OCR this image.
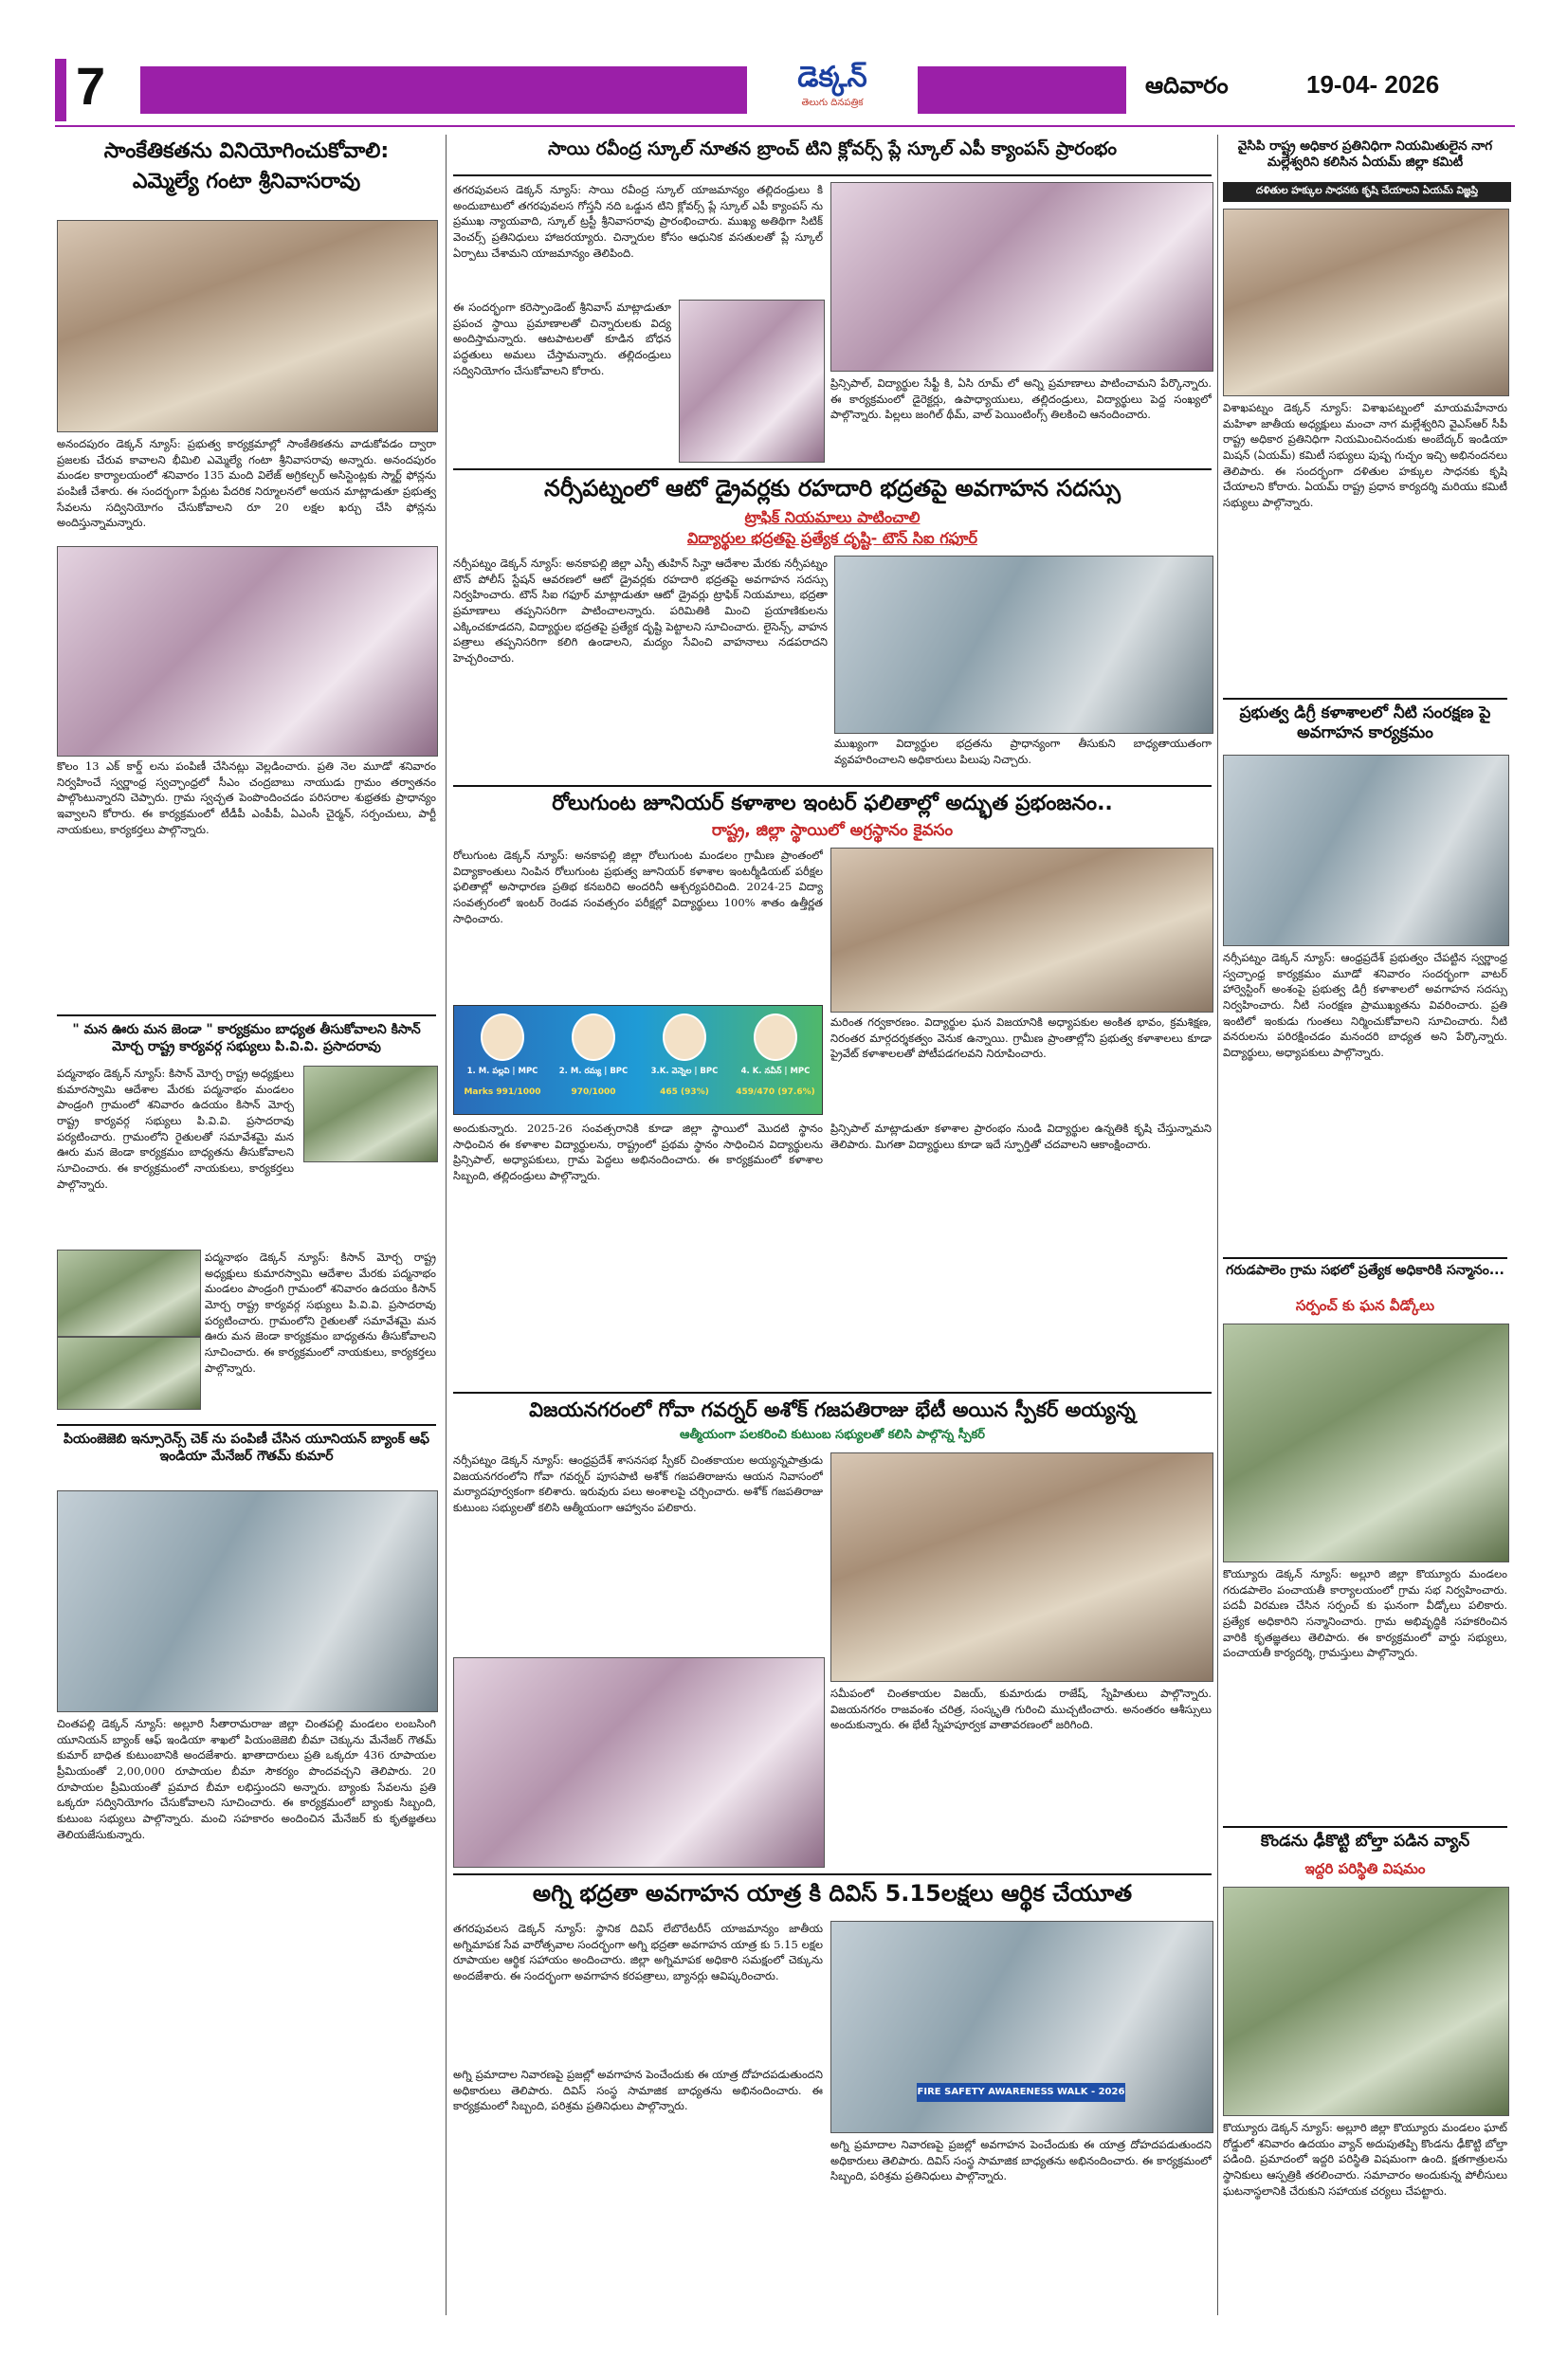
7	డెక్కన్
తెలుగు దినపత్రిక
ఆదివారం	19-04- 2026
సాంకేతికతను వినియోగించుకోవాలి:
ఎమ్మెల్యే గంటా శ్రీనివాసరావు
అనందపురం డెక్కన్ న్యూస్: ప్రభుత్వ కార్యక్రమాల్లో సాంకేతికతను వాడుకోవడం ద్వారా ప్రజలకు చేరువ కావాలని భీమిలి ఎమ్మెల్యే గంటా శ్రీనివాసరావు అన్నారు. అనందపురం మండల కార్యాలయంలో శనివారం 135 మంది విలేజ్ అగ్రికల్చర్ అసిస్టెంట్లకు స్మార్ట్ ఫోన్లను పంపిణీ చేశారు. ఈ సందర్భంగా పేర్లుట పేదరిక నిర్మూలనలో అయన మాట్లాడుతూ ప్రభుత్వ సేవలను సద్వినియోగం చేసుకోవాలని రూ 20 లక్షల ఖర్చు చేసి ఫోన్లను అందిస్తున్నామన్నారు.
కొలం 13 ఎక్ కార్డ్ లను పంపిణీ చేసినట్లు వెల్లడించారు. ప్రతి నెల మూడో శనివారం నిర్వహించే స్వర్ణాంధ్ర స్వచ్ఛాంధ్రలో సీఎం చంద్రబాబు నాయుడు గ్రామం తర్వాతనం పాల్గొంటున్నారని చెప్పారు. గ్రామ స్వచ్ఛత పెంపొందించడం పరిసరాల శుభ్రతకు ప్రాధాన్యం ఇవ్వాలని కోరారు. ఈ కార్యక్రమంలో టీడీపీ ఎంపీపీ, ఏఎంసీ చైర్మన్, సర్పంచులు, పార్టీ నాయకులు, కార్యకర్తలు పాల్గొన్నారు.
" మన ఊరు మన జెండా " కార్యక్రమం బాధ్యత తీసుకోవాలని కిసాన్ మోర్చ రాష్ట్ర కార్యవర్గ సభ్యులు పి.వి.వి. ప్రసాదరావు
పద్మనాభం డెక్కన్ న్యూస్: కిసాన్ మోర్చ రాష్ట్ర అధ్యక్షులు కుమారస్వామి ఆదేశాల మేరకు పద్మనాభం మండలం పాండ్రంగి గ్రామంలో శనివారం ఉదయం కిసాన్ మోర్చ రాష్ట్ర కార్యవర్గ సభ్యులు పి.వి.వి. ప్రసాదరావు పర్యటించారు. గ్రామంలోని రైతులతో సమావేశమై మన ఊరు మన జెండా కార్యక్రమం బాధ్యతను తీసుకోవాలని సూచించారు. ఈ కార్యక్రమంలో నాయకులు, కార్యకర్తలు పాల్గొన్నారు.
పద్మనాభం డెక్కన్ న్యూస్: కిసాన్ మోర్చ రాష్ట్ర అధ్యక్షులు కుమారస్వామి ఆదేశాల మేరకు పద్మనాభం మండలం పాండ్రంగి గ్రామంలో శనివారం ఉదయం కిసాన్ మోర్చ రాష్ట్ర కార్యవర్గ సభ్యులు పి.వి.వి. ప్రసాదరావు పర్యటించారు. గ్రామంలోని రైతులతో సమావేశమై మన ఊరు మన జెండా కార్యక్రమం బాధ్యతను తీసుకోవాలని సూచించారు. ఈ కార్యక్రమంలో నాయకులు, కార్యకర్తలు పాల్గొన్నారు.
పియంజెజెబి ఇన్సూరెన్స్ చెక్ ను పంపిణీ చేసిన యూనియన్ బ్యాంక్ ఆఫ్ ఇండియా మేనేజర్ గౌతమ్ కుమార్
చింతపల్లి డెక్కన్ న్యూస్: అల్లూరి సీతారామరాజు జిల్లా చింతపల్లి మండలం లంబసింగి యూనియన్ బ్యాంక్ ఆఫ్ ఇండియా శాఖలో పియంజెజెబి బీమా చెక్కును మేనేజర్ గౌతమ్ కుమార్ బాధిత కుటుంబానికి అందజేశారు. ఖాతాదారులు ప్రతి ఒక్కరూ 436 రూపాయల ప్రీమియంతో 2,00,000 రూపాయల బీమా సౌకర్యం పొందవచ్చని తెలిపారు. 20 రూపాయల ప్రీమియంతో ప్రమాద బీమా లభిస్తుందని అన్నారు. బ్యాంకు సేవలను ప్రతి ఒక్కరూ సద్వినియోగం చేసుకోవాలని సూచించారు. ఈ కార్యక్రమంలో బ్యాంకు సిబ్బంది, కుటుంబ సభ్యులు పాల్గొన్నారు. మంచి సహకారం అందించిన మేనేజర్ కు కృతజ్ఞతలు తెలియజేసుకున్నారు.
సాయి రవీంద్ర స్కూల్ నూతన బ్రాంచ్ టిని క్లోవర్స్ ప్లే స్కూల్ ఎపీ క్యాంపస్ ప్రారంభం
తగరపువలస డెక్కన్ న్యూస్: సాయి రవీంద్ర స్కూల్ యాజమాన్యం తల్లిదండ్రులు కి అందుబాటులో తగరపువలస గోస్తనీ నది ఒడ్డున టిని క్లోవర్స్ ప్లే స్కూల్ ఎపీ క్యాంపస్ ను ప్రముఖ న్యాయవాది, స్కూల్ ట్రస్టీ శ్రీనివాసరావు ప్రారంభించారు. ముఖ్య అతిథిగా సిటిక్ వెంచర్స్ ప్రతినిధులు హాజరయ్యారు. చిన్నారుల కోసం ఆధునిక వసతులతో ప్లే స్కూల్ ఏర్పాటు చేశామని యాజమాన్యం తెలిపింది.
ఈ సందర్భంగా కరెస్పాండెంట్ శ్రీనివాస్ మాట్లాడుతూ ప్రపంచ స్థాయి ప్రమాణాలతో చిన్నారులకు విద్య అందిస్తామన్నారు. ఆటపాటలతో కూడిన బోధన పద్ధతులు అమలు చేస్తామన్నారు. తల్లిదండ్రులు సద్వినియోగం చేసుకోవాలని కోరారు.
ప్రిన్సిపాల్, విద్యార్థుల సేఫ్టీ కి, ఏసి రూమ్ లో అన్ని ప్రమాణాలు పాటించామని పేర్కొన్నారు. ఈ కార్యక్రమంలో డైరెక్టర్లు, ఉపాధ్యాయులు, తల్లిదండ్రులు, విద్యార్థులు పెద్ద సంఖ్యలో పాల్గొన్నారు. పిల్లలు జంగిల్ థీమ్, వాల్ పెయింటింగ్స్ తిలకించి ఆనందించారు.
నర్సీపట్నంలో ఆటో డ్రైవర్లకు రహదారి భద్రతపై అవగాహన సదస్సు
ట్రాఫిక్ నియమాలు పాటించాలి
విద్యార్థుల భద్రతపై ప్రత్యేక దృష్టి- టౌన్ సిఐ గఫూర్
నర్సీపట్నం డెక్కన్ న్యూస్: అనకాపల్లి జిల్లా ఎస్పీ తుహిన్ సిన్హా ఆదేశాల మేరకు నర్సీపట్నం టౌన్ పోలీస్ స్టేషన్ ఆవరణలో ఆటో డ్రైవర్లకు రహదారి భద్రతపై అవగాహన సదస్సు నిర్వహించారు. టౌన్ సిఐ గఫూర్ మాట్లాడుతూ ఆటో డ్రైవర్లు ట్రాఫిక్ నియమాలు, భద్రతా ప్రమాణాలు తప్పనిసరిగా పాటించాలన్నారు. పరిమితికి మించి ప్రయాణికులను ఎక్కించకూడదని, విద్యార్థుల భద్రతపై ప్రత్యేక దృష్టి పెట్టాలని సూచించారు. లైసెన్స్, వాహన పత్రాలు తప్పనిసరిగా కలిగి ఉండాలని, మద్యం సేవించి వాహనాలు నడపరాదని హెచ్చరించారు.
ముఖ్యంగా విద్యార్థుల భద్రతను ప్రాధాన్యంగా తీసుకుని బాధ్యతాయుతంగా వ్యవహరించాలని అధికారులు పిలుపు నిచ్చారు.
రోలుగుంట జూనియర్ కళాశాల ఇంటర్ ఫలితాల్లో అద్భుత ప్రభంజనం..
రాష్ట్ర, జిల్లా స్థాయిలో అగ్రస్థానం కైవసం
రోలుగుంట డెక్కన్ న్యూస్: అనకాపల్లి జిల్లా రోలుగుంట మండలం గ్రామీణ ప్రాంతంలో విద్యాకాంతులు నింపిన రోలుగుంట ప్రభుత్వ జూనియర్ కళాశాల ఇంటర్మీడియట్ పరీక్షల ఫలితాల్లో అసాధారణ ప్రతిభ కనబరిచి అందరినీ ఆశ్చర్యపరిచింది. 2024-25 విద్యా సంవత్సరంలో ఇంటర్ రెండవ సంవత్సరం పరీక్షల్లో విద్యార్థులు 100% శాతం ఉత్తీర్ణత సాధించారు.
1. M. పల్లవి | MPC
Marks 991/1000
2. M. రమ్య | BPC
970/1000
3.K. వెన్నెల | BPC
465 (93%)
4. K. నవీన్ | MPC
459/470 (97.6%)
మరింత గర్వకారణం. విద్యార్థుల ఘన విజయానికి అధ్యాపకుల అంకిత భావం, క్రమశిక్షణ, నిరంతర మార్గదర్శకత్వం వెనుక ఉన్నాయి. గ్రామీణ ప్రాంతాల్లోని ప్రభుత్వ కళాశాలలు కూడా ప్రైవేట్ కళాశాలలతో పోటీపడగలవని నిరూపించారు.
అందుకున్నారు. 2025-26 సంవత్సరానికి కూడా జిల్లా స్థాయిలో మొదటి స్థానం సాధించిన ఈ కళాశాల విద్యార్థులను, రాష్ట్రంలో ప్రథమ స్థానం సాధించిన విద్యార్థులను ప్రిన్సిపాల్, అధ్యాపకులు, గ్రామ పెద్దలు అభినందించారు. ఈ కార్యక్రమంలో కళాశాల సిబ్బంది, తల్లిదండ్రులు పాల్గొన్నారు.
ప్రిన్సిపాల్ మాట్లాడుతూ కళాశాల ప్రారంభం నుండి విద్యార్థుల ఉన్నతికి కృషి చేస్తున్నామని తెలిపారు. మిగతా విద్యార్థులు కూడా ఇదే స్ఫూర్తితో చదవాలని ఆకాంక్షించారు.
విజయనగరంలో గోవా గవర్నర్ అశోక్ గజపతిరాజు భేటీ అయిన స్పీకర్ అయ్యన్న
ఆత్మీయంగా పలకరించి కుటుంబ సభ్యులతో కలిసి పాల్గొన్న స్పీకర్
నర్సీపట్నం డెక్కన్ న్యూస్: ఆంధ్రప్రదేశ్ శాసనసభ స్పీకర్ చింతకాయల అయ్యన్నపాత్రుడు విజయనగరంలోని గోవా గవర్నర్ పూసపాటి అశోక్ గజపతిరాజును ఆయన నివాసంలో మర్యాదపూర్వకంగా కలిశారు. ఇరువురు పలు అంశాలపై చర్చించారు. అశోక్ గజపతిరాజు కుటుంబ సభ్యులతో కలిసి ఆత్మీయంగా ఆహ్వానం పలికారు.
సమీపంలో చింతకాయల విజయ్, కుమారుడు రాజేష్, స్నేహితులు పాల్గొన్నారు. విజయనగరం రాజవంశం చరిత్ర, సంస్కృతి గురించి ముచ్చటించారు. అనంతరం ఆశీస్సులు అందుకున్నారు. ఈ భేటీ స్నేహపూర్వక వాతావరణంలో జరిగింది.
అగ్ని భద్రతా అవగాహన యాత్ర కి దివిస్ 5.15లక్షలు ఆర్థిక చేయూత
తగరపువలస డెక్కన్ న్యూస్: స్థానిక దివిస్ లేబొరేటరీస్ యాజమాన్యం జాతీయ అగ్నిమాపక సేవ వారోత్సవాల సందర్భంగా అగ్ని భద్రతా అవగాహన యాత్ర కు 5.15 లక్షల రూపాయల ఆర్థిక సహాయం అందించారు. జిల్లా అగ్నిమాపక అధికారి సమక్షంలో చెక్కును అందజేశారు. ఈ సందర్భంగా అవగాహన కరపత్రాలు, బ్యానర్లు ఆవిష్కరించారు.
FIRE SAFETY AWARENESS WALK - 2026
అగ్ని ప్రమాదాల నివారణపై ప్రజల్లో అవగాహన పెంచేందుకు ఈ యాత్ర దోహదపడుతుందని అధికారులు తెలిపారు. దివిస్ సంస్థ సామాజిక బాధ్యతను అభినందించారు. ఈ కార్యక్రమంలో సిబ్బంది, పరిశ్రమ ప్రతినిధులు పాల్గొన్నారు.
అగ్ని ప్రమాదాల నివారణపై ప్రజల్లో అవగాహన పెంచేందుకు ఈ యాత్ర దోహదపడుతుందని అధికారులు తెలిపారు. దివిస్ సంస్థ సామాజిక బాధ్యతను అభినందించారు. ఈ కార్యక్రమంలో సిబ్బంది, పరిశ్రమ ప్రతినిధులు పాల్గొన్నారు.
వైసిపి రాష్ట్ర అధికార ప్రతినిధిగా నియమితులైన నాగ మల్లేశ్వరిని కలిసిన ఏయమ్ జిల్లా కమిటీ
దళితుల హక్కుల సాధనకు కృషి చేయాలని ఏయమ్ విజ్ఞప్తి
విశాఖపట్నం డెక్కన్ న్యూస్: విశాఖపట్నంలో మాయమహేనారు మహిళా జాతీయ అధ్యక్షులు మంచా నాగ మల్లేశ్వరిని వైఎస్ఆర్ సీపీ రాష్ట్ర అధికార ప్రతినిధిగా నియమించినందుకు అంబేద్కర్ ఇండియా మిషన్ (ఏయమ్) కమిటీ సభ్యులు పుష్ప గుచ్ఛం ఇచ్చి అభినందనలు తెలిపారు. ఈ సందర్భంగా దళితుల హక్కుల సాధనకు కృషి చేయాలని కోరారు. ఏయమ్ రాష్ట్ర ప్రధాన కార్యదర్శి మరియు కమిటీ సభ్యులు పాల్గొన్నారు.
ప్రభుత్వ డిగ్రీ కళాశాలలో నీటి సంరక్షణ పై అవగాహన కార్యక్రమం
నర్సీపట్నం డెక్కన్ న్యూస్: ఆంధ్రప్రదేశ్ ప్రభుత్వం చేపట్టిన స్వర్ణాంధ్ర స్వచ్ఛాంధ్ర కార్యక్రమం మూడో శనివారం సందర్భంగా వాటర్ హార్వెస్టింగ్ అంశంపై ప్రభుత్వ డిగ్రీ కళాశాలలో అవగాహన సదస్సు నిర్వహించారు. నీటి సంరక్షణ ప్రాముఖ్యతను వివరించారు. ప్రతి ఇంటిలో ఇంకుడు గుంతలు నిర్మించుకోవాలని సూచించారు. నీటి వనరులను పరిరక్షించడం మనందరి బాధ్యత అని పేర్కొన్నారు. విద్యార్థులు, అధ్యాపకులు పాల్గొన్నారు.
గరుడపాలెం గ్రామ సభలో ప్రత్యేక అధికారికి సన్మానం...
సర్పంచ్ కు ఘన వీడ్కోలు
కొయ్యూరు డెక్కన్ న్యూస్: అల్లూరి జిల్లా కొయ్యూరు మండలం గరుడపాలెం పంచాయతీ కార్యాలయంలో గ్రామ సభ నిర్వహించారు. పదవీ విరమణ చేసిన సర్పంచ్ కు ఘనంగా వీడ్కోలు పలికారు. ప్రత్యేక అధికారిని సన్మానించారు. గ్రామ అభివృద్ధికి సహకరించిన వారికి కృతజ్ఞతలు తెలిపారు. ఈ కార్యక్రమంలో వార్డు సభ్యులు, పంచాయతీ కార్యదర్శి, గ్రామస్తులు పాల్గొన్నారు.
కొండను ఢీకొట్టి బోల్తా పడిన వ్యాన్
ఇద్దరి పరిస్థితి విషమం
కొయ్యూరు డెక్కన్ న్యూస్: అల్లూరి జిల్లా కొయ్యూరు మండలం ఘాట్ రోడ్డులో శనివారం ఉదయం వ్యాన్ అదుపుతప్పి కొండను ఢీకొట్టి బోల్తా పడింది. ప్రమాదంలో ఇద్దరి పరిస్థితి విషమంగా ఉంది. క్షతగాత్రులను స్థానికులు ఆస్పత్రికి తరలించారు. సమాచారం అందుకున్న పోలీసులు ఘటనాస్థలానికి చేరుకుని సహాయక చర్యలు చేపట్టారు.
